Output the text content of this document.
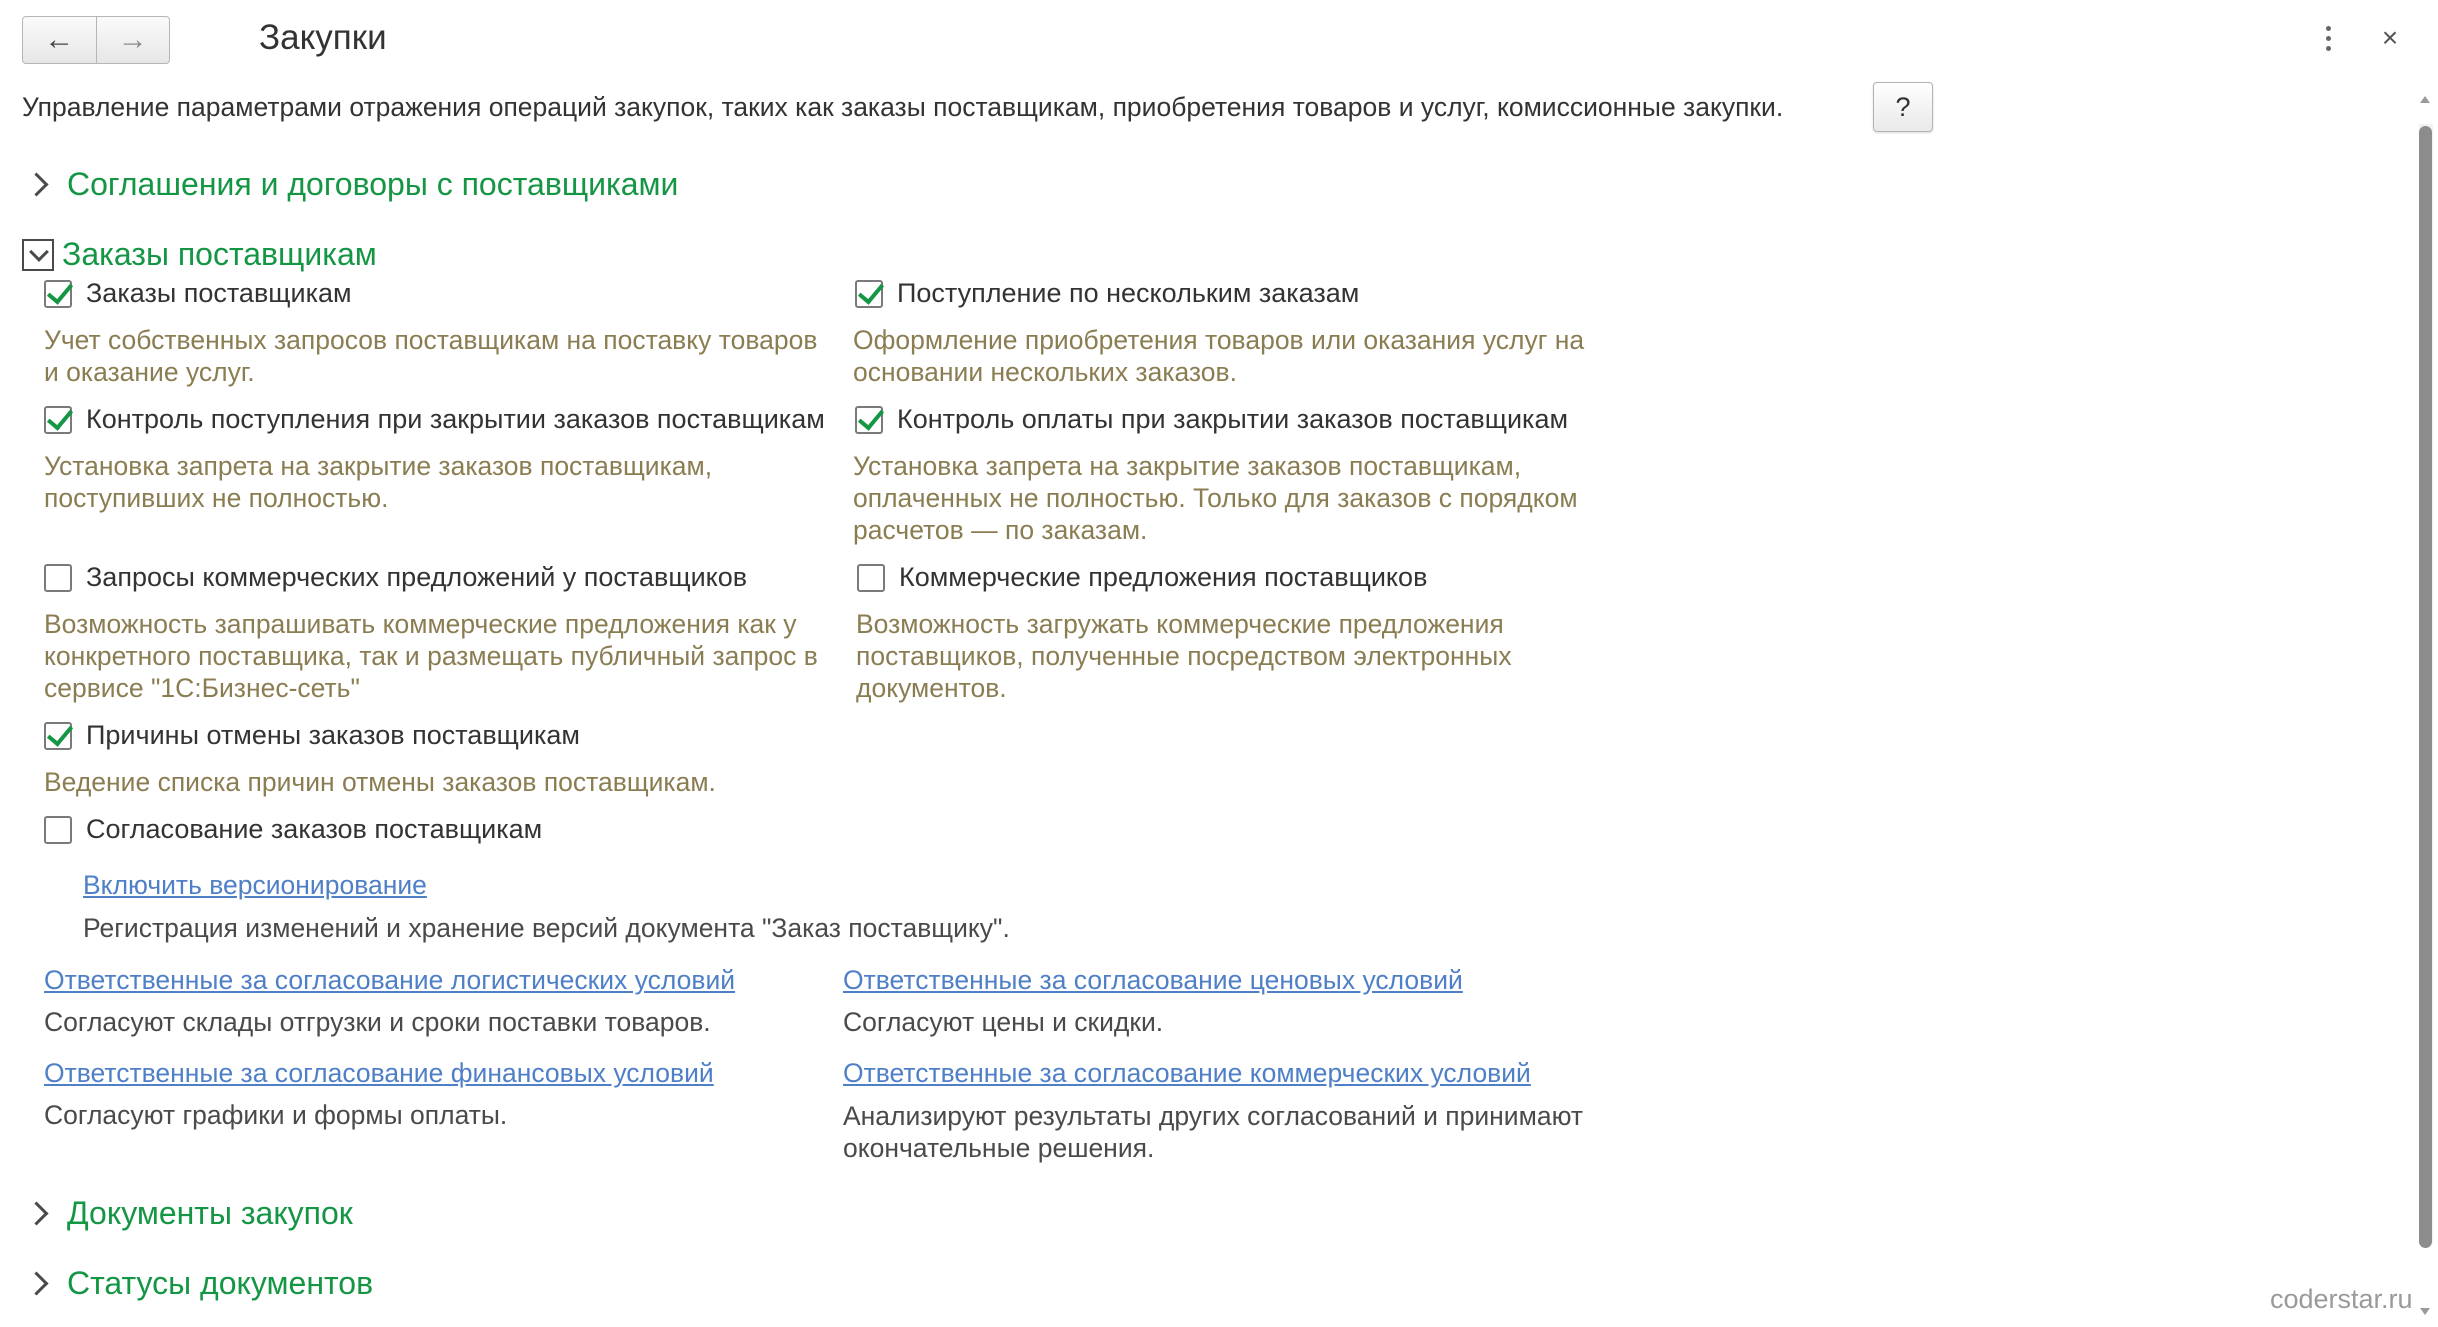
← →	Закупки	×
Управление параметрами отражения операций закупок, таких как заказы поставщикам, приобретения товаров и услуг, комиссионные закупки.	?
Соглашения и договоры с поставщиками
Заказы поставщикам
Заказы поставщикам
Учет собственных запросов поставщикам на поставку товаров
и оказание услуг.
Поступление по нескольким заказам
Оформление приобретения товаров или оказания услуг на
основании нескольких заказов.
Контроль поступления при закрытии заказов поставщикам
Установка запрета на закрытие заказов поставщикам,
поступивших не полностью.
Контроль оплаты при закрытии заказов поставщикам
Установка запрета на закрытие заказов поставщикам,
оплаченных не полностью. Только для заказов с порядком
расчетов — по заказам.
Запросы коммерческих предложений у поставщиков
Возможность запрашивать коммерческие предложения как у
конкретного поставщика, так и размещать публичный запрос в
сервисе "1С:Бизнес-сеть"
Коммерческие предложения поставщиков
Возможность загружать коммерческие предложения
поставщиков, полученные посредством электронных
документов.
Причины отмены заказов поставщикам
Ведение списка причин отмены заказов поставщикам.
Согласование заказов поставщикам
Включить версионирование
Регистрация изменений и хранение версий документа "Заказ поставщику".
Ответственные за согласование логистических условий
Согласуют склады отгрузки и сроки поставки товаров.
Ответственные за согласование ценовых условий
Согласуют цены и скидки.
Ответственные за согласование финансовых условий
Согласуют графики и формы оплаты.
Ответственные за согласование коммерческих условий
Анализируют результаты других согласований и принимают
окончательные решения.
Документы закупок
Статусы документов	coderstar.ru
